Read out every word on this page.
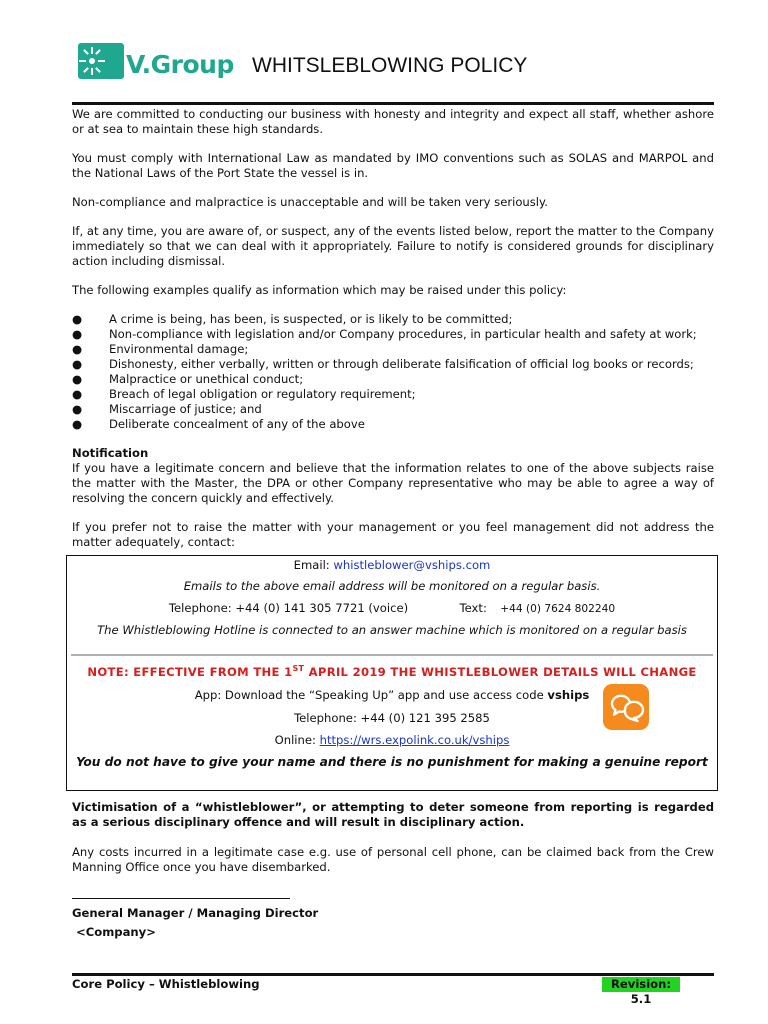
V.Group WHITSLEBLOWING POLICY

We are committed to conducting our business with honesty and integrity and expect all staff, whether ashore or at sea to maintain these high standards.

You must comply with International Law as mandated by IMO conventions such as SOLAS and MARPOL and the National Laws of the Port State the vessel is in.

Non-compliance and malpractice is unacceptable and will be taken very seriously.

If, at any time, you are aware of, or suspect, any of the events listed below, report the matter to the Company immediately so that we can deal with it appropriately. Failure to notify is considered grounds for disciplinary action including dismissal.

The following examples qualify as information which may be raised under this policy:

● A crime is being, has been, is suspected, or is likely to be committed;
● Non-compliance with legislation and/or Company procedures, in particular health and safety at work;
● Environmental damage;
● Dishonesty, either verbally, written or through deliberate falsification of official log books or records;
● Malpractice or unethical conduct;
● Breach of legal obligation or regulatory requirement;
● Miscarriage of justice; and
● Deliberate concealment of any of the above
Notification

If you have a legitimate concern and believe that the information relates to one of the above subjects raise the matter with the Master, the DPA or other Company representative who may be able to agree a way of resolving the concern quickly and effectively.

If you prefer not to raise the matter with your management or you feel management did not address the matter adequately, contact:

Email: whistleblower@vships.com
Emails to the above email address will be monitored on a regular basis.
Telephone: +44 (0) 141 305 7721 (voice)	Text: +44 (0) 7624 802240
The Whistleblowing Hotline is connected to an answer machine which is monitored on a regular basis
NOTE: EFFECTIVE FROM THE 1ST APRIL 2019 THE WHISTLEBLOWER DETAILS WILL CHANGE
App: Download the “Speaking Up” app and use access code vships
Telephone: +44 (0) 121 395 2585
Online: https://wrs.expolink.co.uk/vships
You do not have to give your name and there is no punishment for making a genuine report
Victimisation of a “whistleblower”, or attempting to deter someone from reporting is regarded as a serious disciplinary offence and will result in disciplinary action.
Any costs incurred in a legitimate case e.g. use of personal cell phone, can be claimed back from the Crew Manning Office once you have disembarked.
General Manager / Managing Director
<Company>
Core Policy – Whistleblowing	Revision: 5.1
